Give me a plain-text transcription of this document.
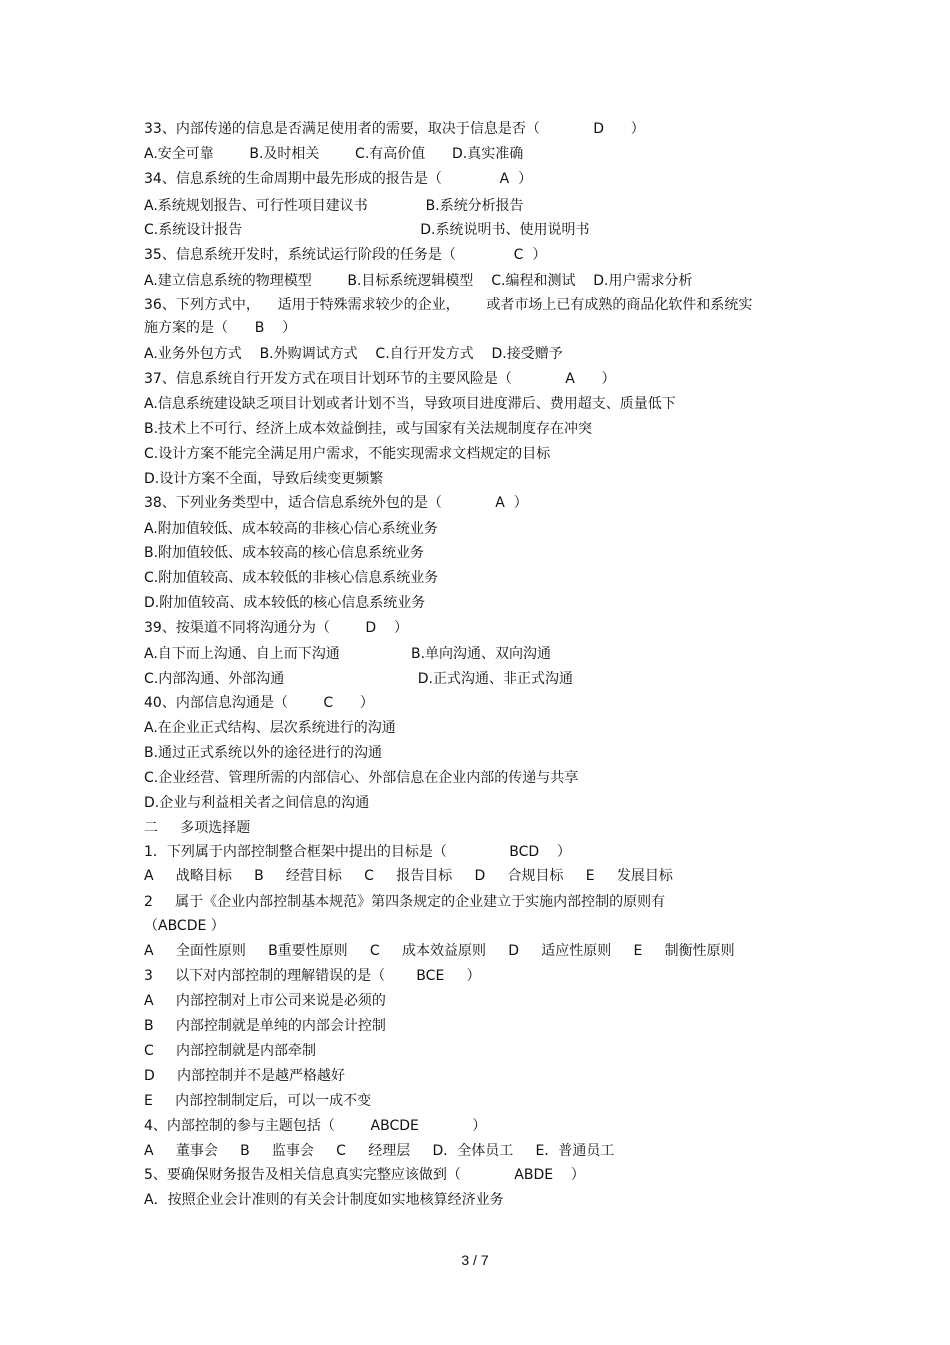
33、内部传递的信息是否满足使用者的需要，取决于信息是否（            D      ）
A.安全可靠        B.及时相关        C.有高价值      D.真实准确
34、信息系统的生命周期中最先形成的报告是（             A  ）
A.系统规划报告、可行性项目建议书             B.系统分析报告
C.系统设计报告                                        D.系统说明书、使用说明书
35、信息系统开发时，系统试运行阶段的任务是（             C  ）
A.建立信息系统的物理模型        B.目标系统逻辑模型    C.编程和测试    D.用户需求分析
36、下列方式中，    适用于特殊需求较少的企业，      或者市场上已有成熟的商品化软件和系统实
施方案的是（      B    ）
A.业务外包方式    B.外购调试方式    C.自行开发方式    D.接受赠予
37、信息系统自行开发方式在项目计划环节的主要风险是（            A      ）
A.信息系统建设缺乏项目计划或者计划不当，导致项目进度滞后、费用超支、质量低下
B.技术上不可行、经济上成本效益倒挂，或与国家有关法规制度存在冲突
C.设计方案不能完全满足用户需求，不能实现需求文档规定的目标
D.设计方案不全面，导致后续变更频繁
38、下列业务类型中，适合信息系统外包的是（            A  ）
A.附加值较低、成本较高的非核心信心系统业务
B.附加值较低、成本较高的核心信息系统业务
C.附加值较高、成本较低的非核心信息系统业务
D.附加值较高、成本较低的核心信息系统业务
39、按渠道不同将沟通分为（        D    ）
A.自下而上沟通、自上而下沟通                B.单向沟通、双向沟通
C.内部沟通、外部沟通                              D.正式沟通、非正式沟通
40、内部信息沟通是（        C      ）
A.在企业正式结构、层次系统进行的沟通
B.通过正式系统以外的途径进行的沟通
C.企业经营、管理所需的内部信心、外部信息在企业内部的传递与共享
D.企业与利益相关者之间信息的沟通
二     多项选择题
1．下列属于内部控制整合框架中提出的目标是（              BCD    ）
A     战略目标     B     经营目标     C     报告目标     D     合规目标     E     发展目标
2     属于《企业内部控制基本规范》第四条规定的企业建立于实施内部控制的原则有
（ABCDE ）
A     全面性原则     B重要性原则     C     成本效益原则     D     适应性原则     E     制衡性原则
3     以下对内部控制的理解错误的是（       BCE     ）
A     内部控制对上市公司来说是必须的
B     内部控制就是单纯的内部会计控制
C     内部控制就是内部牵制
D     内部控制并不是越严格越好
E     内部控制制定后，可以一成不变
4、内部控制的参与主题包括（        ABCDE            ）
A     董事会     B     监事会     C     经理层     D．全体员工     E．普通员工
5、要确保财务报告及相关信息真实完整应该做到（            ABDE    ）
A．按照企业会计准则的有关会计制度如实地核算经济业务
3 / 7
